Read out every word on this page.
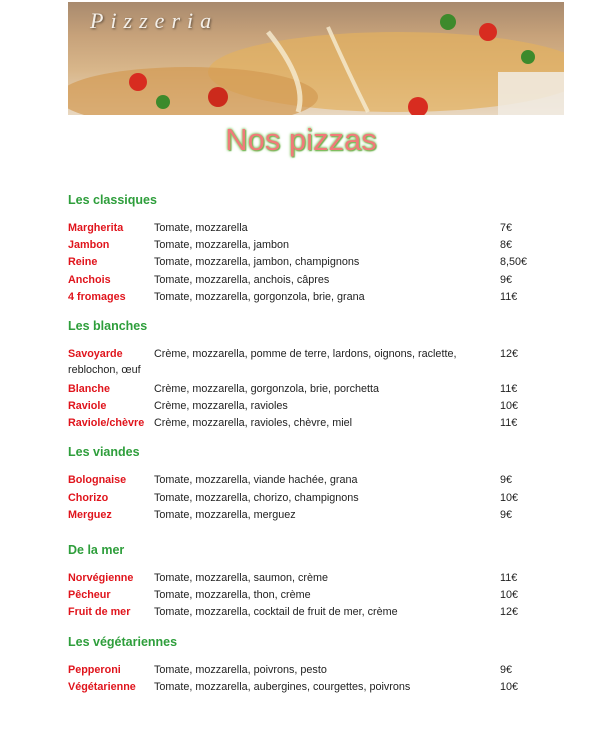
Pizzeria
Nos pizzas
Les classiques
Margherita	Tomate, mozzarella	7€
Jambon	Tomate, mozzarella, jambon	8€
Reine	Tomate, mozzarella, jambon, champignons	8,50€
Anchois	Tomate, mozzarella, anchois, câpres	9€
4 fromages	Tomate, mozzarella, gorgonzola, brie, grana	11€
Les blanches
Savoyarde	Crème, mozzarella, pomme de terre, lardons, oignons, raclette,	12€
reblochon, œuf
Blanche	Crème, mozzarella, gorgonzola, brie, porchetta	11€
Raviole	Crème, mozzarella, ravioles	10€
Raviole/chèvre Crème, mozzarella, ravioles, chèvre, miel	11€
Les viandes
Bolognaise	Tomate, mozzarella, viande hachée, grana	9€
Chorizo	Tomate, mozzarella, chorizo, champignons	10€
Merguez	Tomate, mozzarella, merguez	9€
De la mer
Norvégienne Tomate, mozzarella, saumon, crème	11€
Pêcheur	Tomate, mozzarella, thon, crème	10€
Fruit de mer Tomate, mozzarella, cocktail de fruit de mer, crème	12€
Les végétariennes
Pepperoni	Tomate, mozzarella, poivrons, pesto	9€
Végétarienne Tomate, mozzarella, aubergines, courgettes, poivrons	10€
